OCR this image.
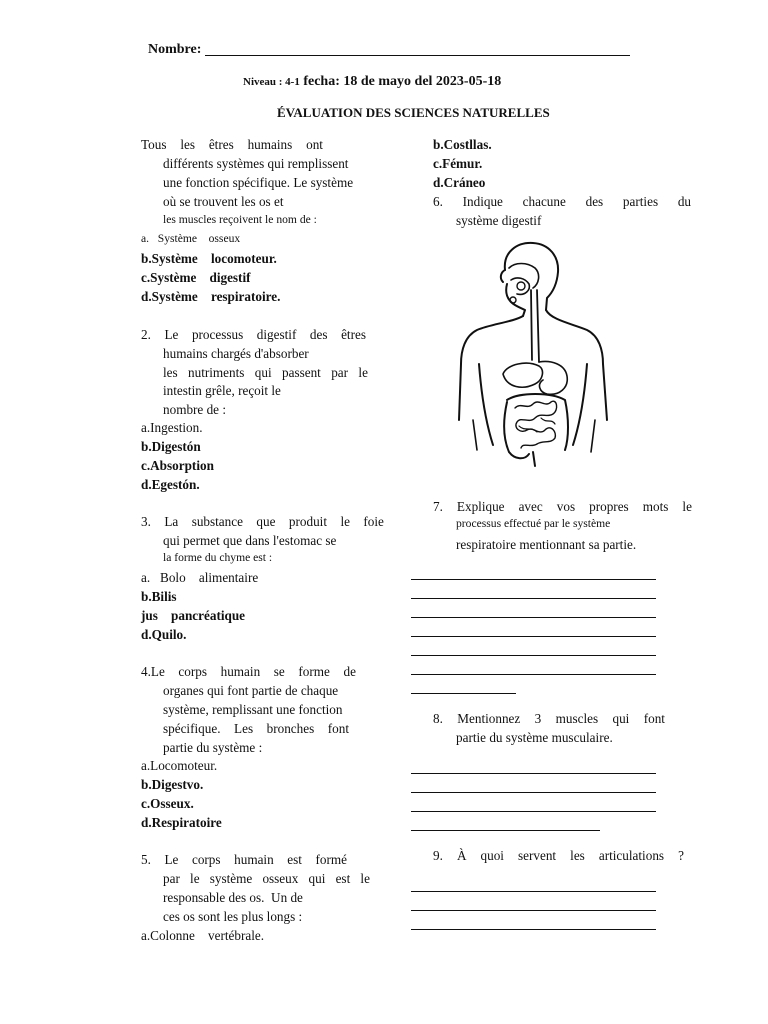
Nombre:
Niveau : 4-1 fecha: 18 de mayo del 2023-05-18
ÉVALUATION DES SCIENCES NATURELLES
Tous les êtres humains ont
différents systèmes qui remplissent
une fonction spécifique. Le système
où se trouvent les os et
les muscles reçoivent le nom de :
a.   Système    osseux
b.Système    locomoteur.
c.Système    digestif
d.Système    respiratoire.
2. Le processus digestif des êtres
humains chargés d'absorber
les nutriments qui passent par le
intestin grêle, reçoit le
nombre de :
a.Ingestion.
b.Digestón
c.Absorption
d.Egestón.
3. La substance que produit le foie
qui permet que dans l'estomac se
la forme du chyme est :
a.   Bolo    alimentaire
b.Bilis
jus    pancréatique
d.Quilo.
4.Le corps humain se forme de
organes qui font partie de chaque
système, remplissant une fonction
spécifique. Les bronches font
partie du système :
a.Locomoteur.
b.Digestvo.
c.Osseux.
d.Respiratoire
5. Le corps humain est formé
par le système osseux qui est le
responsable des os.  Un de
ces os sont les plus longs :
a.Colonne    vertébrale.
b.Costllas.
c.Fémur.
d.Cráneo
6. Indique chacune des parties du
système digestif
7. Explique avec vos propres mots le
processus effectué par le système
respiratoire mentionnant sa partie.
8. Mentionnez 3 muscles qui font
partie du système musculaire.
9. À quoi servent les articulations ?
